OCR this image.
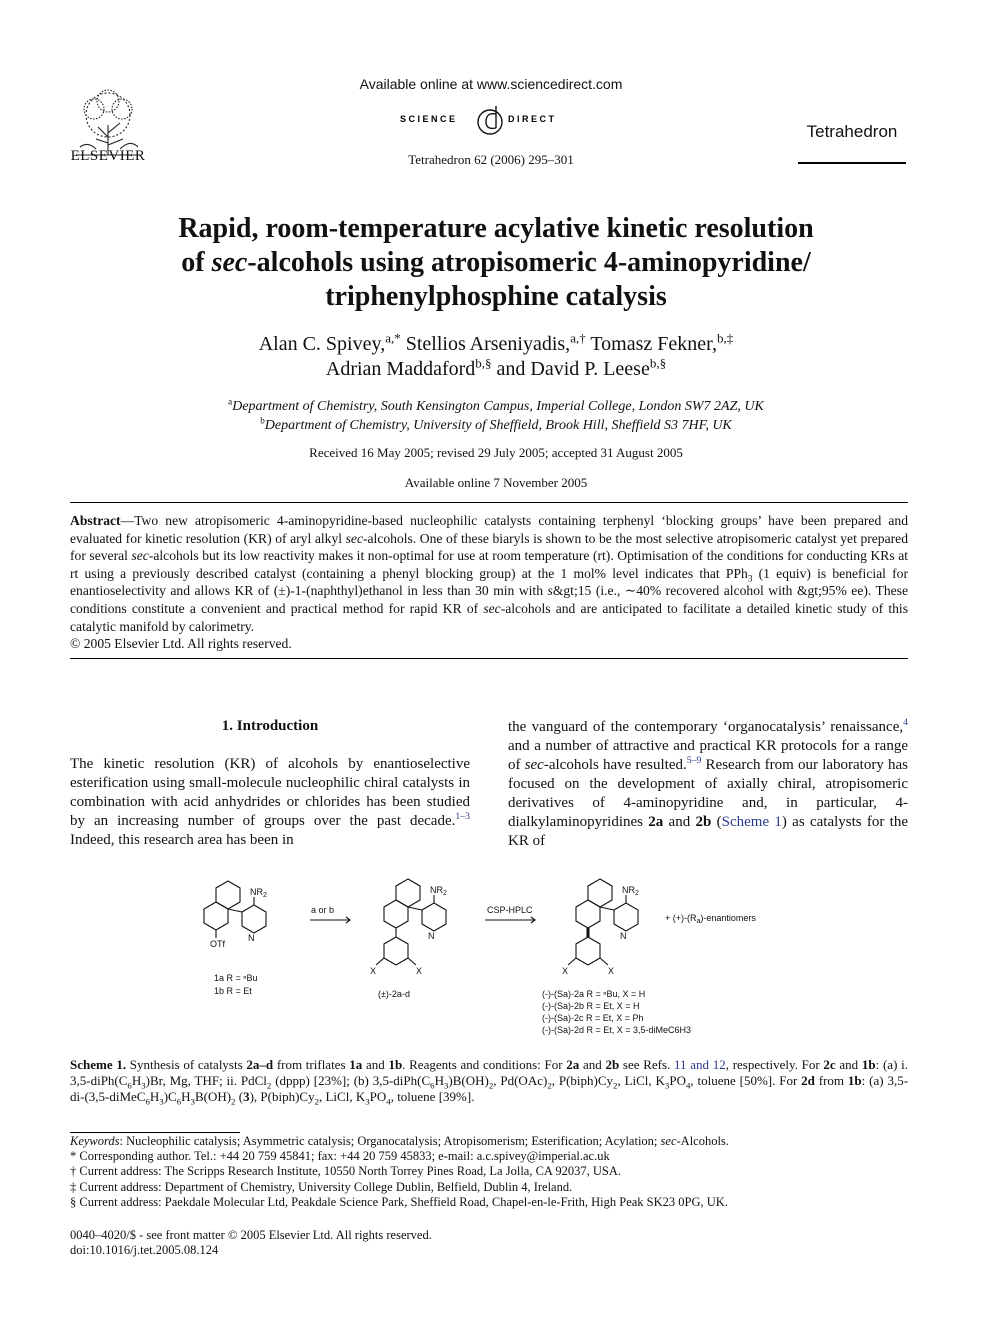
ELSEVIER
Available online at www.sciencedirect.com
SCIENCE	DIRECT
Tetrahedron 62 (2006) 295–301
Tetrahedron
Rapid, room-temperature acylative kinetic resolution
of sec-alcohols using atropisomeric 4-aminopyridine/
triphenylphosphine catalysis
Alan C. Spivey,$^{a,*}$ Stellios Arseniyadis,$^{a,\dagger}$ Tomasz Fekner,$^{b,\ddagger}$
Adrian Maddaford$^{b,\S}$ and David P. Leese$^{b,\S}$
$^a$Department of Chemistry, South Kensington Campus, Imperial College, London SW7 2AZ, UK
$^b$Department of Chemistry, University of Sheffield, Brook Hill, Sheffield S3 7HF, UK
Received 16 May 2005; revised 29 July 2005; accepted 31 August 2005
Available online 7 November 2005
Abstract—Two new atropisomeric 4-aminopyridine-based nucleophilic catalysts containing terphenyl ‘blocking groups’ have been prepared and evaluated for kinetic resolution (KR) of aryl alkyl sec-alcohols. One of these biaryls is shown to be the most selective atropisomeric catalyst yet prepared for several sec-alcohols but its low reactivity makes it non-optimal for use at room temperature (rt). Optimisation of the conditions for conducting KRs at rt using a previously described catalyst (containing a phenyl blocking group) at the 1 mol% level indicates that PPh$_3$ (1 equiv) is beneficial for enantioselectivity and allows KR of (±)-1-(naphthyl)ethanol in less than 30 min with s&gt;15 (i.e., ∼40% recovered alcohol with &gt;95% ee). These conditions constitute a convenient and practical method for rapid KR of sec-alcohols and are anticipated to facilitate a detailed kinetic study of this catalytic manifold by calorimetry.
© 2005 Elsevier Ltd. All rights reserved.
1. Introduction
The kinetic resolution (KR) of alcohols by enantioselective esterification using small-molecule nucleophilic chiral catalysts in combination with acid anhydrides or chlorides has been studied by an increasing number of groups over the past decade.$^{1-3}$ Indeed, this research area has been in
the vanguard of the contemporary ‘organocatalysis’ renaissance,$^4$ and a number of attractive and practical KR protocols for a range of sec-alcohols have resulted.$^{5-9}$ Research from our laboratory has focused on the development of axially chiral, atropisomeric derivatives of 4-aminopyridine and, in particular, 4-dialkylaminopyridines 2a and 2b (Scheme 1) as catalysts for the KR of
$NR_2$
OTf
N
a or b
$NR_2$
N
X	X
CSP-HPLC
$NR_2$
N
X	X
+ $(+)-(R_a)$-enantiomers
1a R = ⁿBu
1b R = Et	(±)-2a-d	(-)-(Sa)-2a R = ⁿBu, X = H
(-)-(Sa)-2b R = Et, X = H
(-)-(Sa)-2c R = Et, X = Ph
(-)-(Sa)-2d R = Et, X = 3,5-diMeC6H3
Scheme 1. Synthesis of catalysts 2a–d from triflates 1a and 1b. Reagents and conditions: For 2a and 2b see Refs. 11 and 12, respectively. For 2c and 1b: (a) i. $3,5-diPh(C_6H_3)Br$, Mg, THF; ii. PdCl$_2$ (dppp) [23%]; (b) $3,5-diPh(C_6H_3)B(OH)_2$, $Pd(OAc)_2$, $P(biph)Cy_2$, LiCl, $K_3PO_4$, toluene [50%]. For 2d from 1b: (a) $3,5-di-(3,5-diMeC_6H_3)C_6H_3B(OH)_2$ (3), $P(biph)Cy_2$, LiCl, $K_3PO_4$, toluene [39%].
Keywords: Nucleophilic catalysis; Asymmetric catalysis; Organocatalysis; Atropisomerism; Esterification; Acylation; sec-Alcohols.
* Corresponding author. Tel.: +44 20 759 45841; fax: +44 20 759 45833; e-mail: a.c.spivey@imperial.ac.uk
† Current address: The Scripps Research Institute, 10550 North Torrey Pines Road, La Jolla, CA 92037, USA.
‡ Current address: Department of Chemistry, University College Dublin, Belfield, Dublin 4, Ireland.
§ Current address: Paekdale Molecular Ltd, Peakdale Science Park, Sheffield Road, Chapel-en-le-Frith, High Peak SK23 0PG, UK.
0040–4020/$ - see front matter © 2005 Elsevier Ltd. All rights reserved.
doi:10.1016/j.tet.2005.08.124
